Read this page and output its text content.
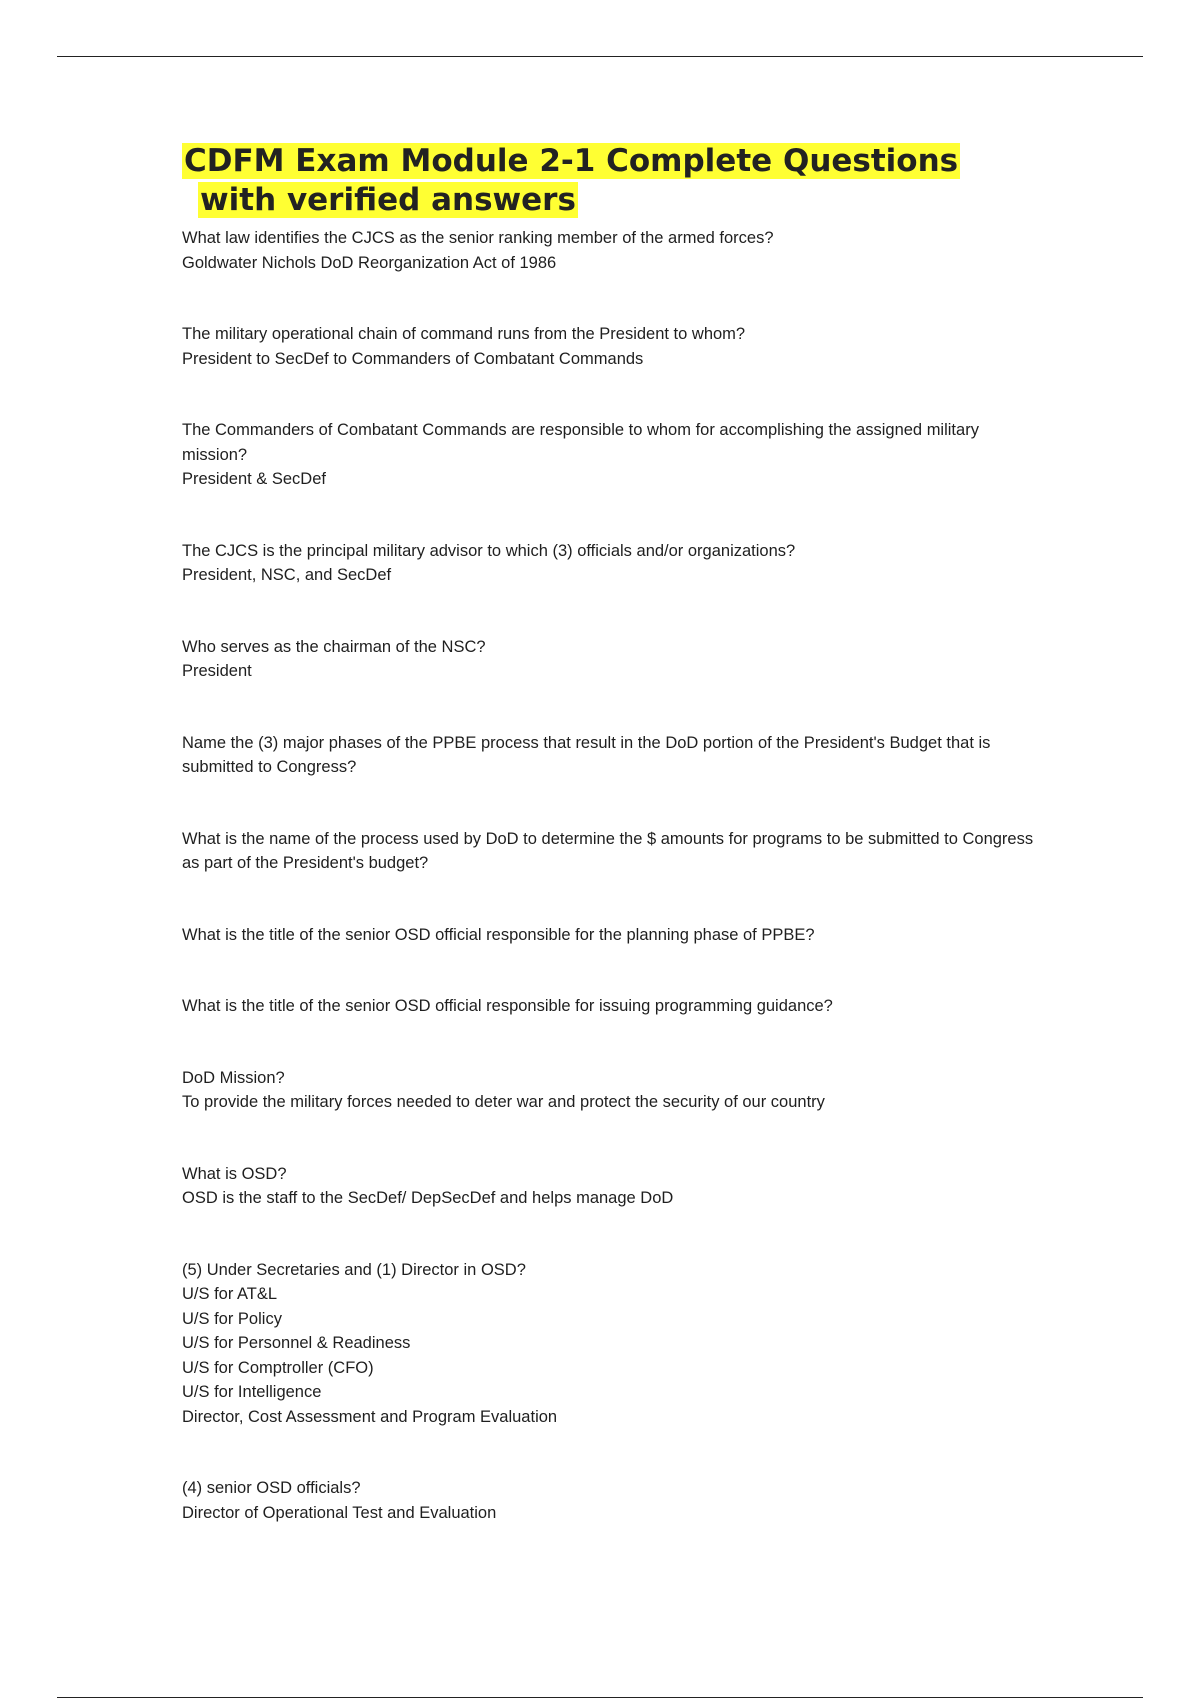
CDFM Exam Module 2-1 Complete Questions
with verified answers

What law identifies the CJCS as the senior ranking member of the armed forces?

Goldwater Nichols DoD Reorganization Act of 1986

The military operational chain of command runs from the President to whom?

President to SecDef to Commanders of Combatant Commands

The Commanders of Combatant Commands are responsible to whom for accomplishing the assigned military mission?

President & SecDef

The CJCS is the principal military advisor to which (3) officials and/or organizations?

President, NSC, and SecDef

Who serves as the chairman of the NSC?

President

Name the (3) major phases of the PPBE process that result in the DoD portion of the President's Budget that is submitted to Congress?

What is the name of the process used by DoD to determine the $ amounts for programs to be submitted to Congress as part of the President's budget?

What is the title of the senior OSD official responsible for the planning phase of PPBE?

What is the title of the senior OSD official responsible for issuing programming guidance?

DoD Mission?

To provide the military forces needed to deter war and protect the security of our country

What is OSD?

OSD is the staff to the SecDef/ DepSecDef and helps manage DoD

(5) Under Secretaries and (1) Director in OSD?

U/S for AT&L

U/S for Policy

U/S for Personnel & Readiness

U/S for Comptroller (CFO)

U/S for Intelligence

Director, Cost Assessment and Program Evaluation

(4) senior OSD officials?

Director of Operational Test and Evaluation
